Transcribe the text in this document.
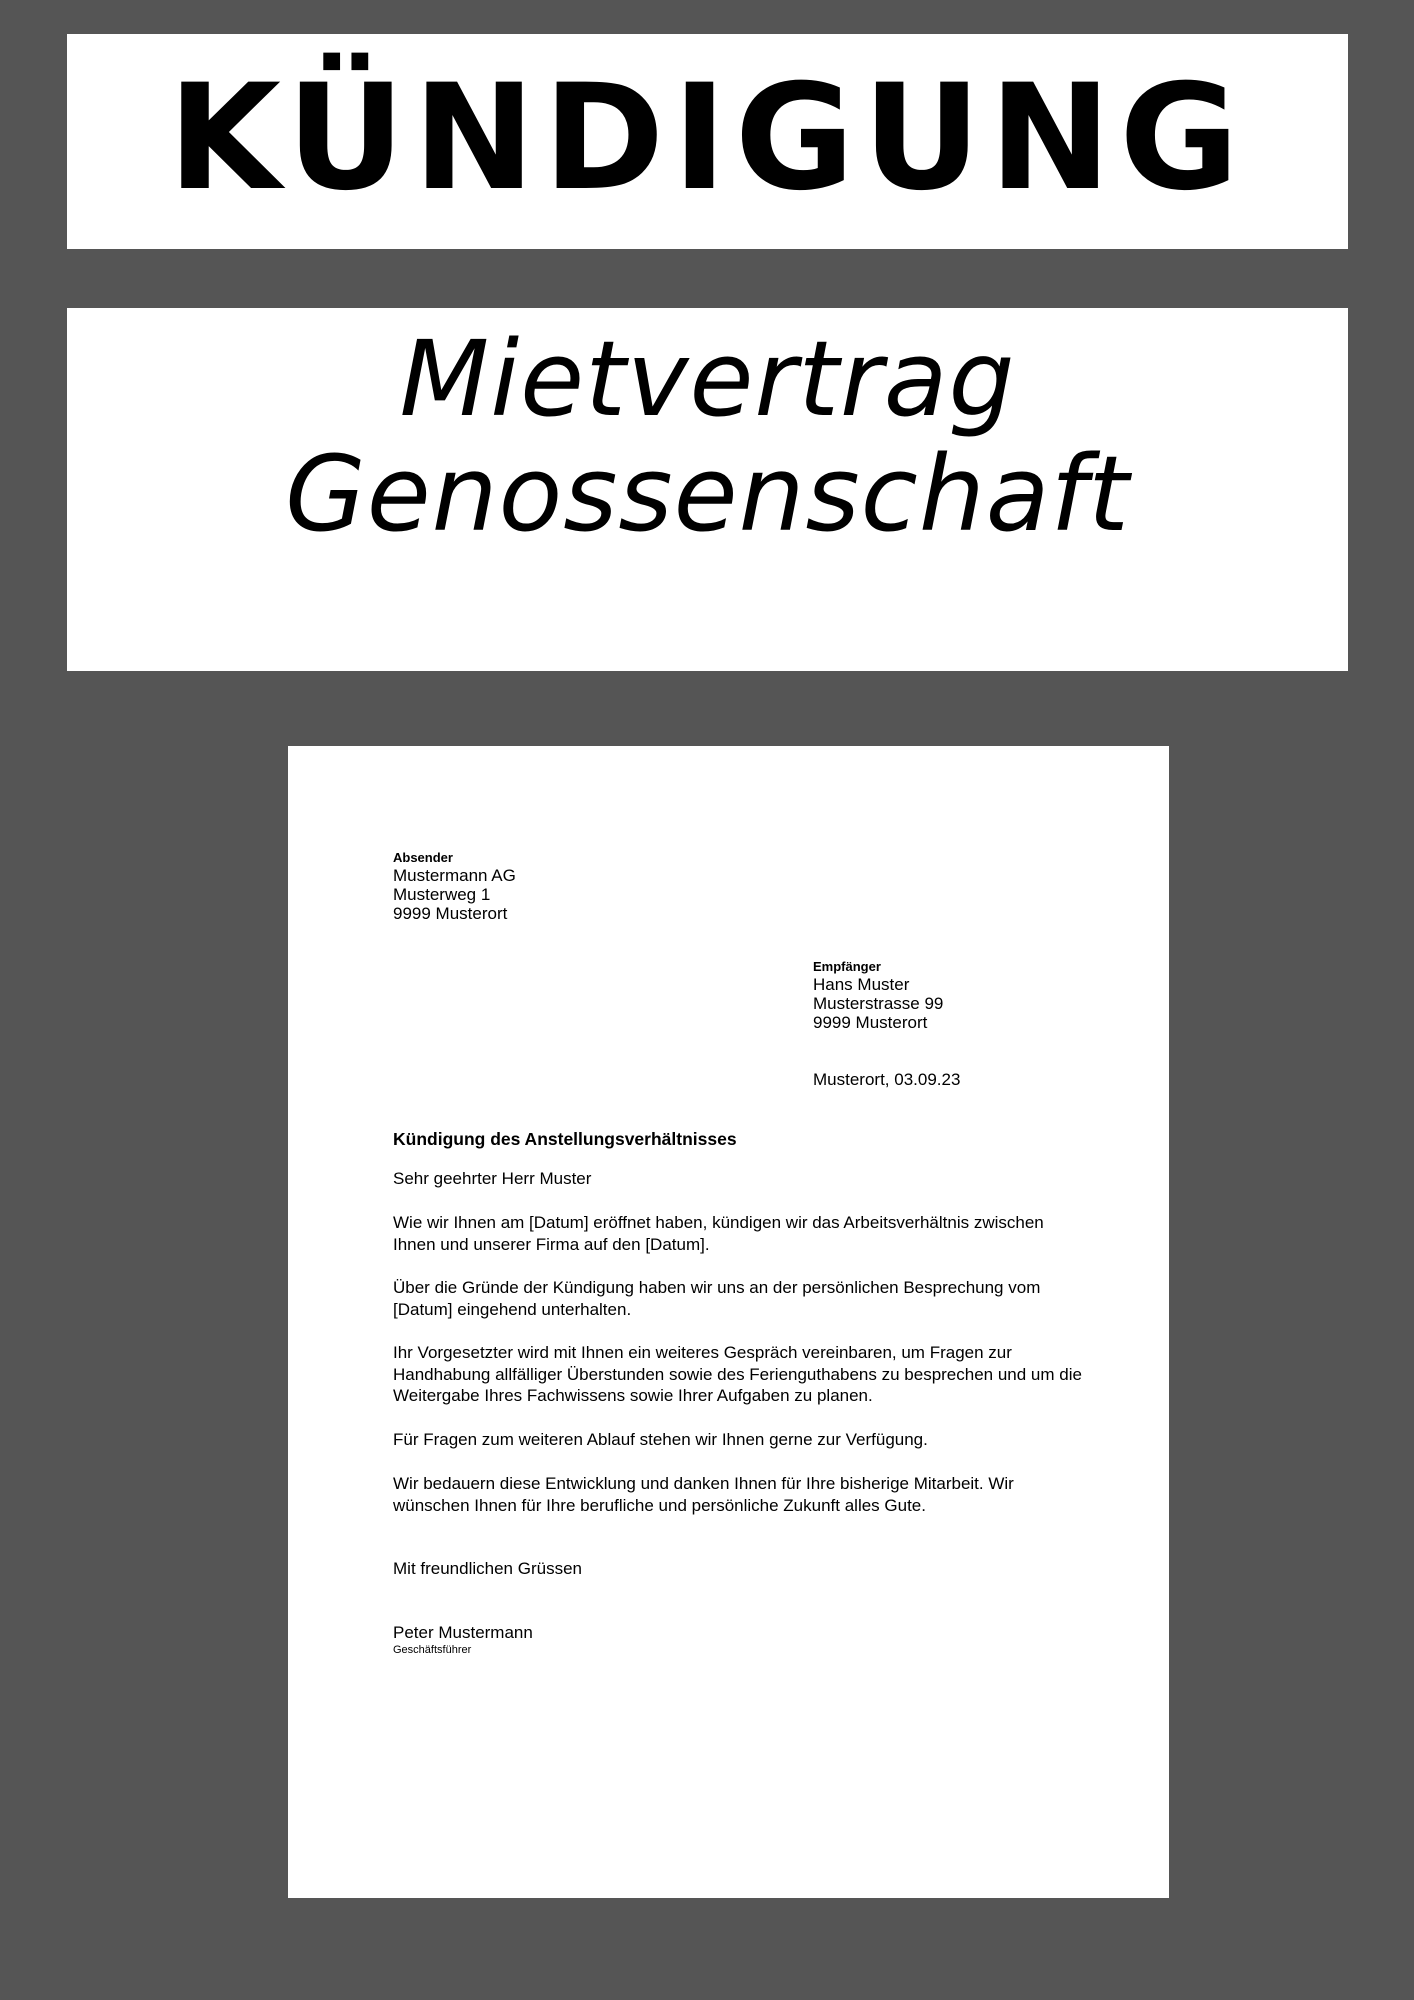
KÜNDIGUNG
Mietvertrag
Genossenschaft
Absender
Mustermann AG
Musterweg 1
9999 Musterort
Empfänger
Hans Muster
Musterstrasse 99
9999 Musterort
Musterort, 03.09.23
Kündigung des Anstellungsverhältnisses
Sehr geehrter Herr Muster
Wie wir Ihnen am [Datum] eröffnet haben, kündigen wir das Arbeitsverhältnis zwischen Ihnen und unserer Firma auf den [Datum].
Über die Gründe der Kündigung haben wir uns an der persönlichen Besprechung vom [Datum] eingehend unterhalten.
Ihr Vorgesetzter wird mit Ihnen ein weiteres Gespräch vereinbaren, um Fragen zur Handhabung allfälliger Überstunden sowie des Ferienguthabens zu besprechen und um die Weitergabe Ihres Fachwissens sowie Ihrer Aufgaben zu planen.
Für Fragen zum weiteren Ablauf stehen wir Ihnen gerne zur Verfügung.
Wir bedauern diese Entwicklung und danken Ihnen für Ihre bisherige Mitarbeit. Wir wünschen Ihnen für Ihre berufliche und persönliche Zukunft alles Gute.
Mit freundlichen Grüssen
Peter Mustermann
Geschäftsführer
